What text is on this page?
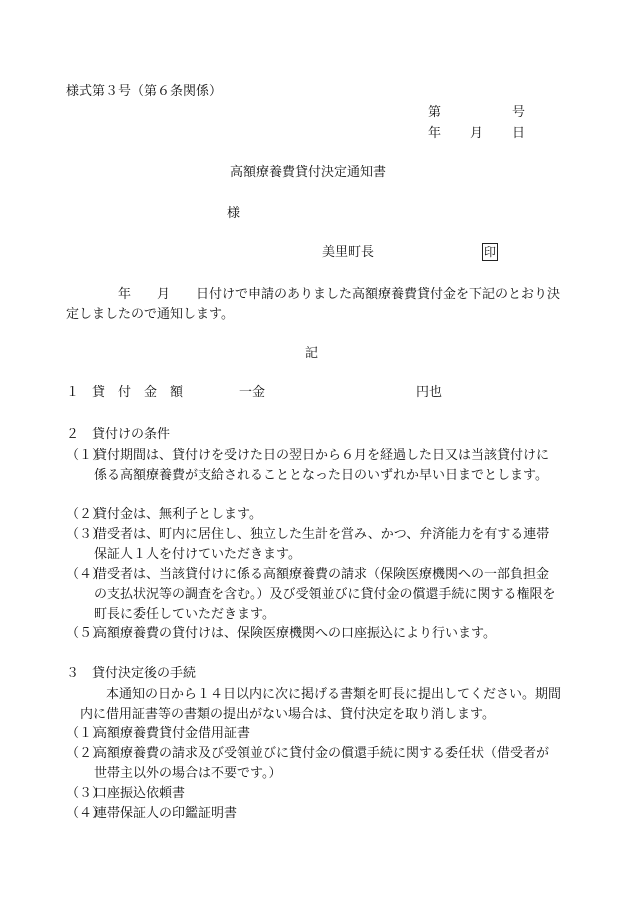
様式第３号（第６条関係）
第　　　　　号
年　　月　　日
高額療養費貸付決定通知書
様
美里町長	印
年　　月　　日付けで申請のありました高額療養費貸付金を下記のとおり決定しましたので通知します。
記
１　貸　付　金　額	一金	円也
２　貸付けの条件
（１）
貸付期間は、貸付けを受けた日の翌日から６月を経過した日又は当該貸付けに係る高額療養費が支給されることとなった日のいずれか早い日までとします。
（２）
貸付金は、無利子とします。
（３）
借受者は、町内に居住し、独立した生計を営み、かつ、弁済能力を有する連帯保証人１人を付けていただきます。
（４）
借受者は、当該貸付けに係る高額療養費の請求（保険医療機関への一部負担金の支払状況等の調査を含む。）及び受領並びに貸付金の償還手続に関する権限を町長に委任していただきます。
（５）
高額療養費の貸付けは、保険医療機関への口座振込により行います。
３　貸付決定後の手続
本通知の日から１４日以内に次に掲げる書類を町長に提出してください。期間内に借用証書等の書類の提出がない場合は、貸付決定を取り消します。
（１）
高額療養費貸付金借用証書
（２）
高額療養費の請求及び受領並びに貸付金の償還手続に関する委任状（借受者が世帯主以外の場合は不要です。）
（３）
口座振込依頼書
（４）
連帯保証人の印鑑証明書
